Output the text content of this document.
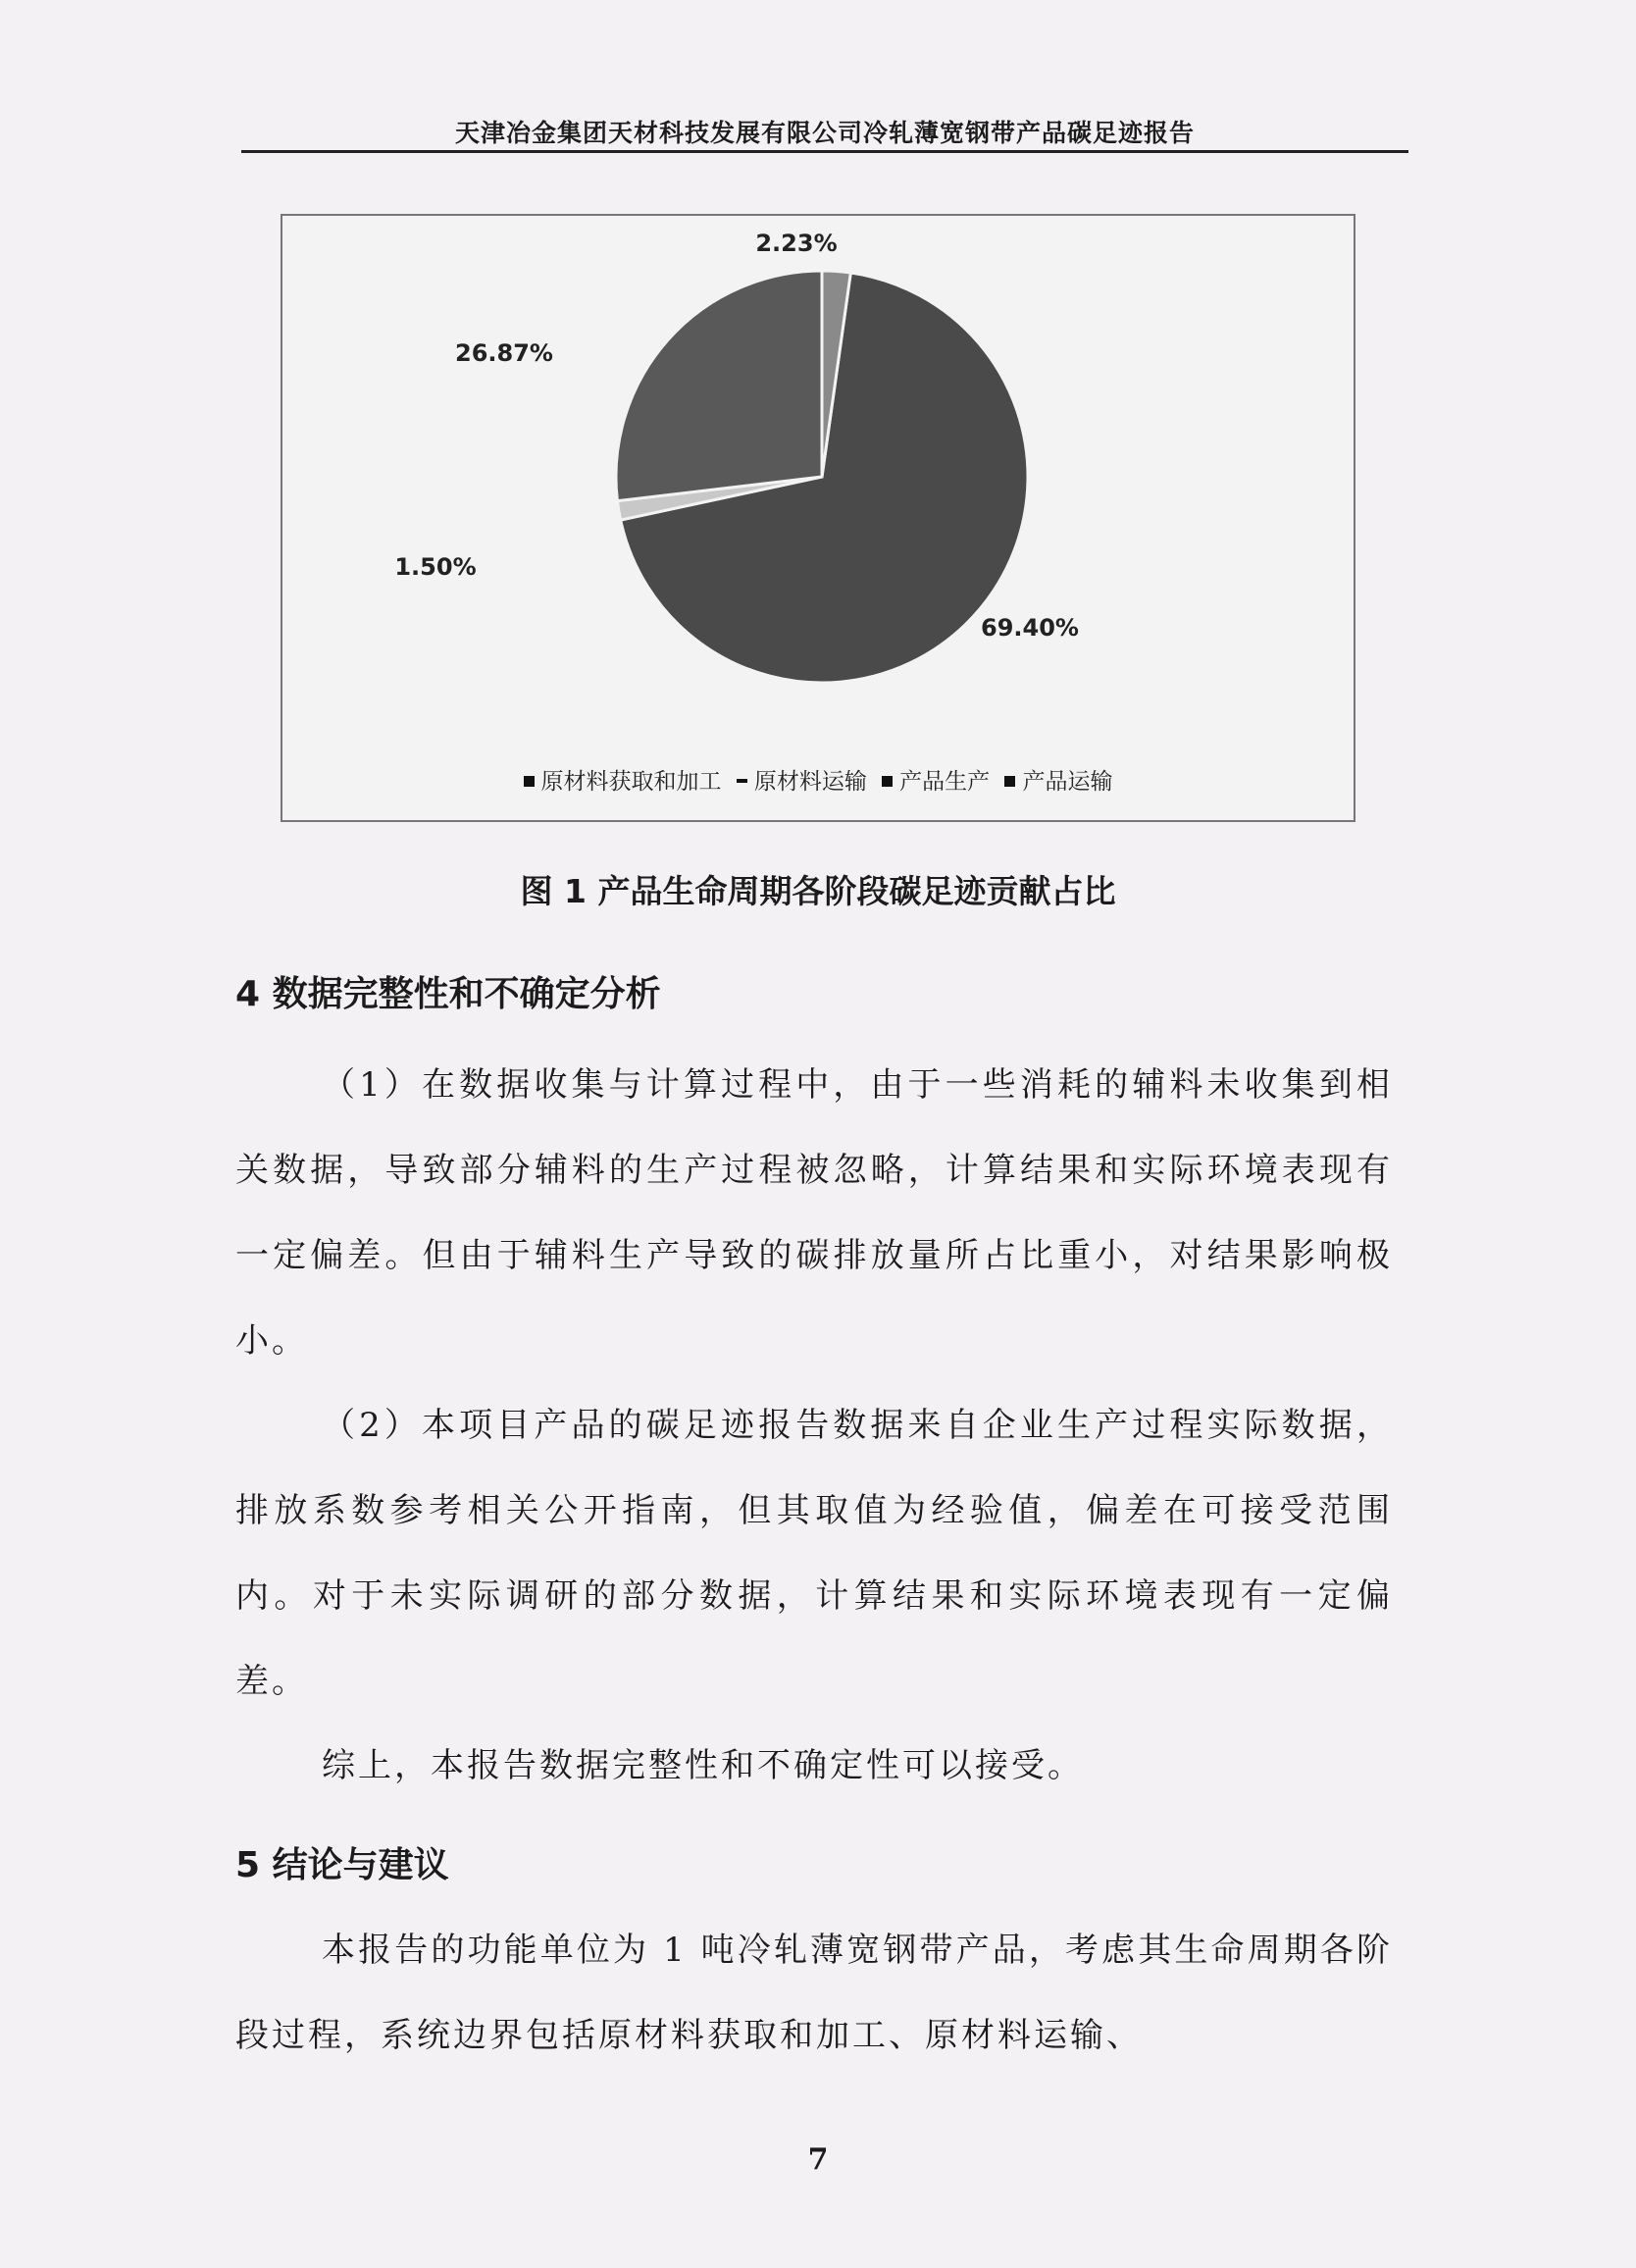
天津冶金集团天材科技发展有限公司冷轧薄宽钢带产品碳足迹报告
26.87%
1.50%
69.40%
2.23%
原材料获取和加工 原材料运输 产品生产 产品运输
图 1 产品生命周期各阶段碳足迹贡献占比
4 数据完整性和不确定分析
（1）在数据收集与计算过程中，由于一些消耗的辅料未收集到相关数据，导致部分辅料的生产过程被忽略，计算结果和实际环境表现有一定偏差。但由于辅料生产导致的碳排放量所占比重小，对结果影响极小。
（2）本项目产品的碳足迹报告数据来自企业生产过程实际数据，排放系数参考相关公开指南，但其取值为经验值，偏差在可接受范围内。对于未实际调研的部分数据，计算结果和实际环境表现有一定偏差。
综上，本报告数据完整性和不确定性可以接受。
5 结论与建议
本报告的功能单位为 1 吨冷轧薄宽钢带产品，考虑其生命周期各阶段过程，系统边界包括原材料获取和加工、原材料运输、
7
